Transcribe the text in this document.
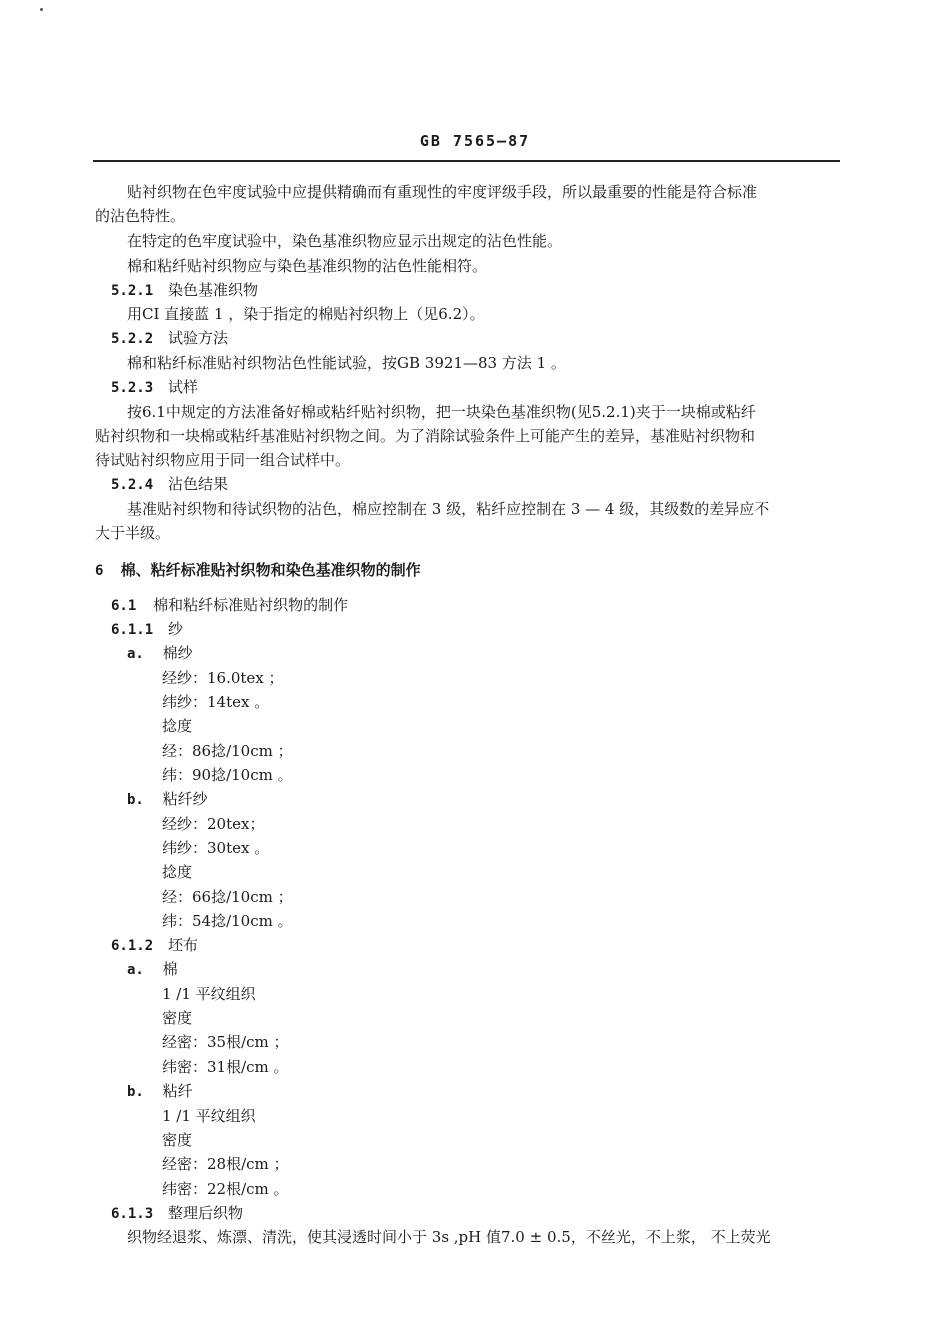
GB 7565—87
贴衬织物在色牢度试验中应提供精确而有重现性的牢度评级手段，所以最重要的性能是符合标准
的沾色特性。
在特定的色牢度试验中，染色基准织物应显示出规定的沾色性能。
棉和粘纤贴衬织物应与染色基准织物的沾色性能相符。
5.2.1 染色基准织物
用CI 直接蓝 1 ，染于指定的棉贴衬织物上（见6.2）。
5.2.2 试验方法
棉和粘纤标准贴衬织物沾色性能试验，按GB 3921—83 方法 1 。
5.2.3 试样
按6.1中规定的方法准备好棉或粘纤贴衬织物，把一块染色基准织物(见5.2.1)夹于一块棉或粘纤
贴衬织物和一块棉或粘纤基准贴衬织物之间。为了消除试验条件上可能产生的差异，基准贴衬织物和
待试贴衬织物应用于同一组合试样中。
5.2.4 沾色结果
基准贴衬织物和待试织物的沾色，棉应控制在 3 级，粘纤应控制在 3 — 4 级，其级数的差异应不
大于半级。
6 棉、粘纤标准贴衬织物和染色基准织物的制作
6.1 棉和粘纤标准贴衬织物的制作
6.1.1 纱
a. 棉纱
经纱：16.0tex ；
纬纱：14tex 。
捻度
经：86捻/10cm ；
纬：90捻/10cm 。
b. 粘纤纱
经纱：20tex；
纬纱：30tex 。
捻度
经：66捻/10cm ；
纬：54捻/10cm 。
6.1.2 坯布
a. 棉
1 /1 平纹组织
密度
经密：35根/cm ；
纬密：31根/cm 。
b. 粘纤
1 /1 平纹组织
密度
经密：28根/cm ；
纬密：22根/cm 。
6.1.3 整理后织物
织物经退浆、炼漂、清洗，使其浸透时间小于 3s ,pH 值7.0 ± 0.5，不丝光，不上浆， 不上荧光
